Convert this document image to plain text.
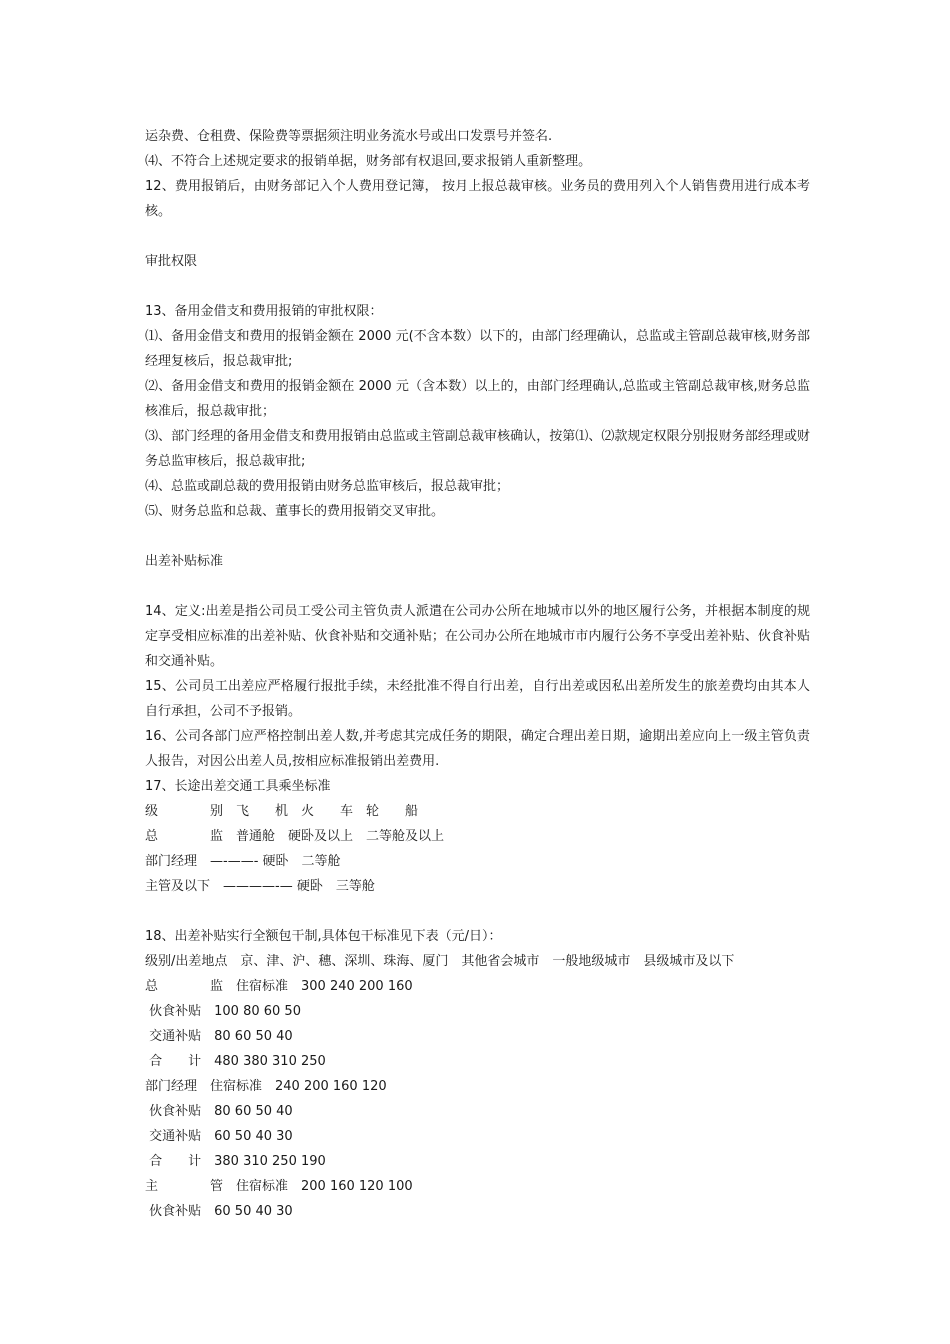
运杂费、仓租费、保险费等票据须注明业务流水号或出口发票号并签名.
⑷、不符合上述规定要求的报销单据，财务部有权退回,要求报销人重新整理。
12、费用报销后，由财务部记入个人费用登记簿， 按月上报总裁审核。业务员的费用列入个人销售费用进行成本考核。
审批权限
13、备用金借支和费用报销的审批权限：
⑴、备用金借支和费用的报销金额在 2000 元(不含本数）以下的，由部门经理确认，总监或主管副总裁审核,财务部经理复核后，报总裁审批;
⑵、备用金借支和费用的报销金额在 2000 元（含本数）以上的，由部门经理确认,总监或主管副总裁审核,财务总监核准后，报总裁审批；
⑶、部门经理的备用金借支和费用报销由总监或主管副总裁审核确认，按第⑴、⑵款规定权限分别报财务部经理或财务总监审核后，报总裁审批;
⑷、总监或副总裁的费用报销由财务总监审核后，报总裁审批；
⑸、财务总监和总裁、董事长的费用报销交叉审批。
出差补贴标准
14、定义:出差是指公司员工受公司主管负责人派遣在公司办公所在地城市以外的地区履行公务，并根据本制度的规定享受相应标准的出差补贴、伙食补贴和交通补贴；在公司办公所在地城市市内履行公务不享受出差补贴、伙食补贴和交通补贴。
15、公司员工出差应严格履行报批手续，未经批准不得自行出差，自行出差或因私出差所发生的旅差费均由其本人自行承担，公司不予报销。
16、公司各部门应严格控制出差人数,并考虑其完成任务的期限，确定合理出差日期，逾期出差应向上一级主管负责人报告，对因公出差人员,按相应标准报销出差费用.
17、长途出差交通工具乘坐标准
级　　　　别　飞　　机　火　　车　轮　　船
总　　　　监　普通舱　硬卧及以上　二等舱及以上
部门经理　—-——- 硬卧　二等舱
主管及以下　————-— 硬卧　三等舱
18、出差补贴实行全额包干制,具体包干标准见下表（元/日）：
级别/出差地点　京、津、沪、穗、深圳、珠海、厦门　其他省会城市　一般地级城市　县级城市及以下
总　　　　监　住宿标准　300 240 200 160
伙食补贴　100 80 60 50
交通补贴　80 60 50 40
合　　计　480 380 310 250
部门经理　住宿标准　240 200 160 120
伙食补贴　80 60 50 40
交通补贴　60 50 40 30
合　　计　380 310 250 190
主　　　　管　住宿标准　200 160 120 100
伙食补贴　60 50 40 30
